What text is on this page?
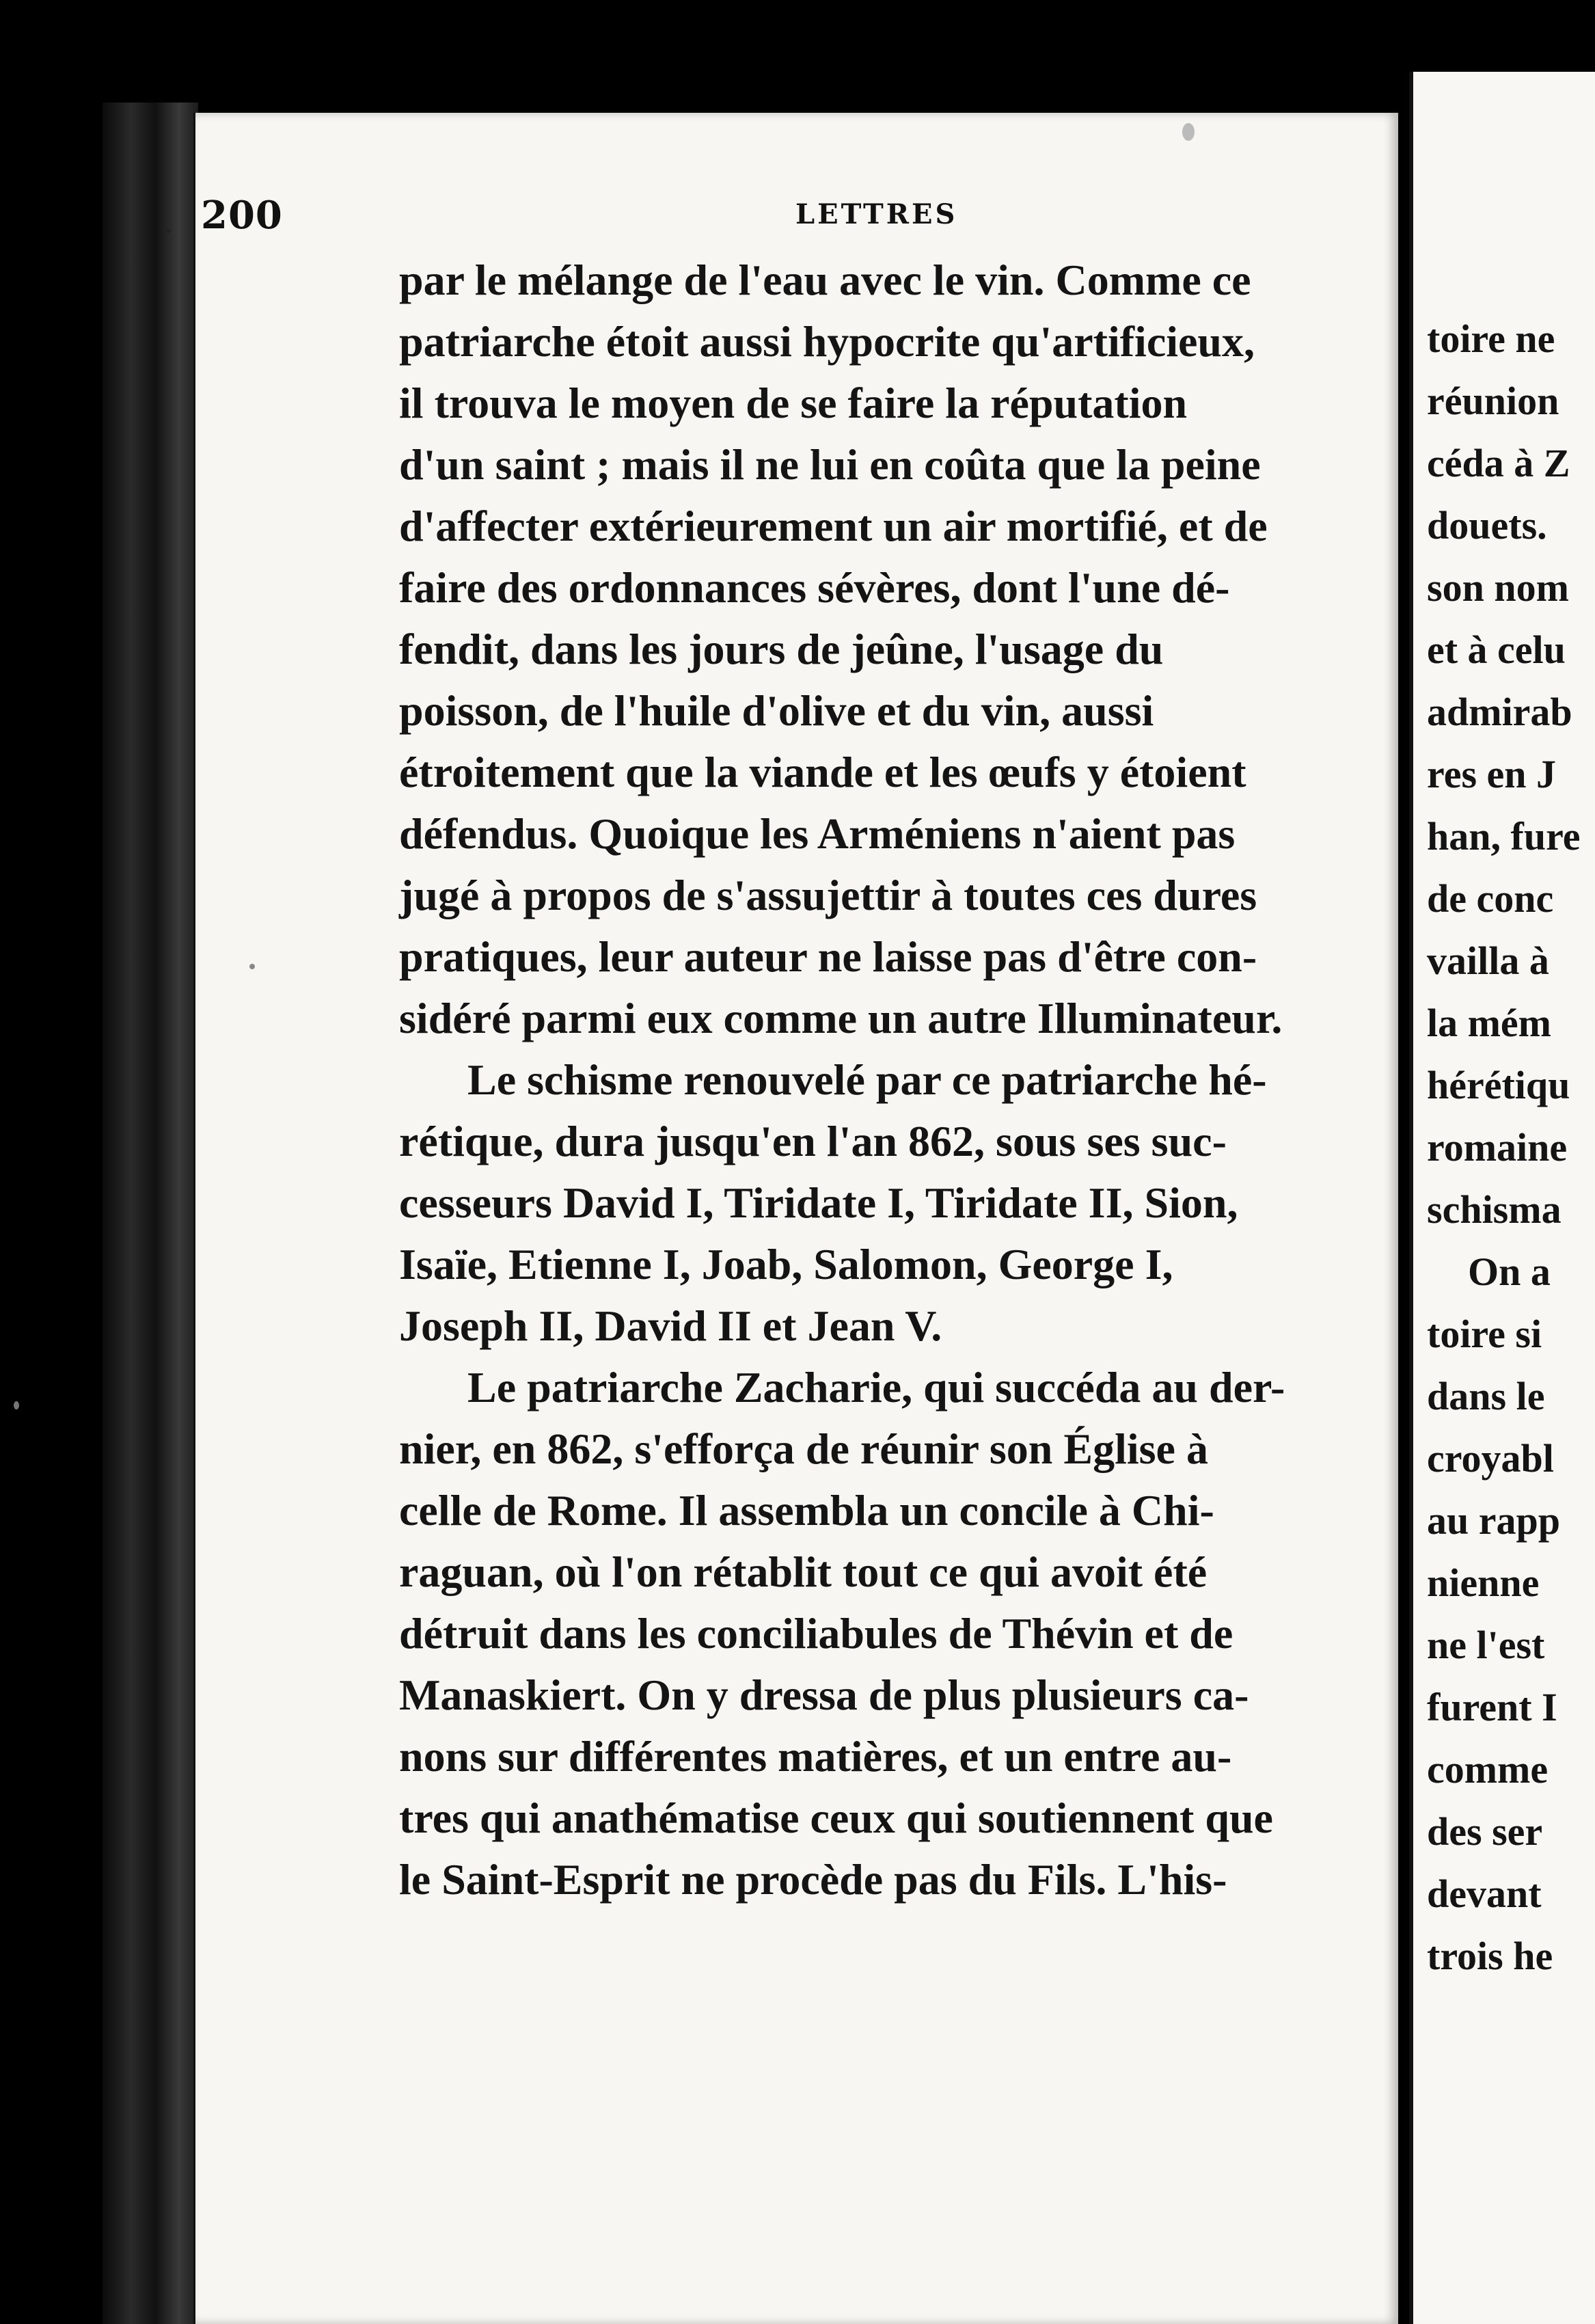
200	LETTRES
par le mélange de l'eau avec le vin. Comme ce
patriarche étoit aussi hypocrite qu'artificieux,
il trouva le moyen de se faire la réputation
d'un saint ; mais il ne lui en coûta que la peine
d'affecter extérieurement un air mortifié, et de
faire des ordonnances sévères, dont l'une dé-
fendit, dans les jours de jeûne, l'usage du
poisson, de l'huile d'olive et du vin, aussi
étroitement que la viande et les œufs y étoient
défendus. Quoique les Arméniens n'aient pas
jugé à propos de s'assujettir à toutes ces dures
pratiques, leur auteur ne laisse pas d'être con-
sidéré parmi eux comme un autre Illuminateur.
Le schisme renouvelé par ce patriarche hé-
rétique, dura jusqu'en l'an 862, sous ses suc-
cesseurs David I, Tiridate I, Tiridate II, Sion,
Isaïe, Etienne I, Joab, Salomon, George I,
Joseph II, David II et Jean V.
Le patriarche Zacharie, qui succéda au der-
nier, en 862, s'efforça de réunir son Église à
celle de Rome. Il assembla un concile à Chi-
raguan, où l'on rétablit tout ce qui avoit été
détruit dans les conciliabules de Thévin et de
Manaskiert. On y dressa de plus plusieurs ca-
nons sur différentes matières, et un entre au-
tres qui anathématise ceux qui soutiennent que
le Saint-Esprit ne procède pas du Fils. L'his-
toire ne
réunion
céda à Z
douets.
son nom
et à celu
admirab
res en J
han, fure
de conc
vailla à
la mém
hérétiqu
romaine
schisma
On a
toire si
dans le
croyabl
au rapp
nienne
ne l'est
furent I
comme
des ser
devant
trois he
